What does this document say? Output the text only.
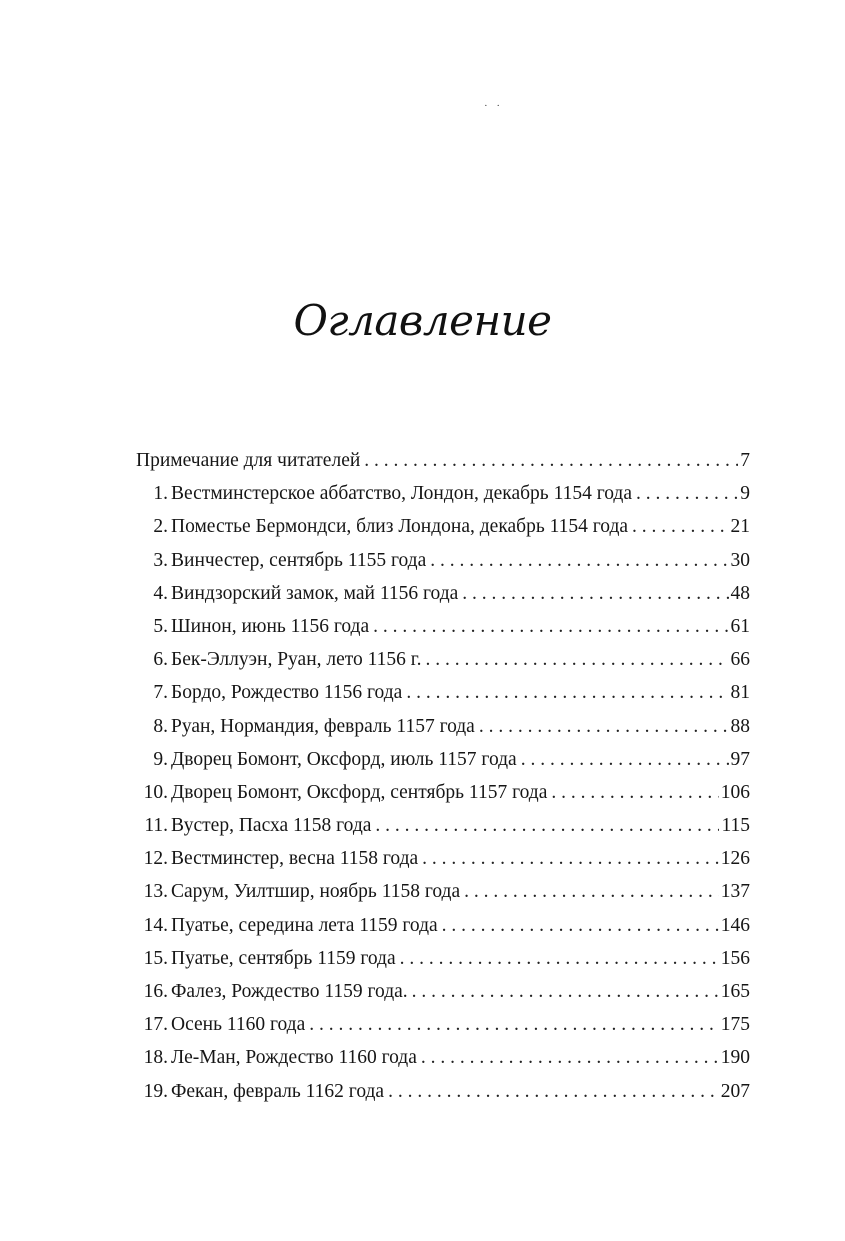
· ·
Оглавление
Примечание для читателей . . .	7
1. Вестминстерское аббатство, Лондон, декабрь 1154 года . . .	9
2. Поместье Бермондси, близ Лондона, декабрь 1154 года . . .	21
3. Винчестер, сентябрь 1155 года . . .	30
4. Виндзорский замок, май 1156 года . . .	48
5. Шинон, июнь 1156 года . . .	61
6. Бек-Эллуэн, Руан, лето 1156 г. . . .	66
7. Бордо, Рождество 1156 года . . .	81
8. Руан, Нормандия, февраль 1157 года . . .	88
9. Дворец Бомонт, Оксфорд, июль 1157 года . . .	97
10. Дворец Бомонт, Оксфорд, сентябрь 1157 года . . .	106
11. Вустер, Пасха 1158 года . . .	115
12. Вестминстер, весна 1158 года . . .	126
13. Сарум, Уилтшир, ноябрь 1158 года . . .	137
14. Пуатье, середина лета 1159 года . . .	146
15. Пуатье, сентябрь 1159 года . . .	156
16. Фалез, Рождество 1159 года. . . .	165
17. Осень 1160 года . . .	175
18. Ле-Ман, Рождество 1160 года . . .	190
19. Фекан, февраль 1162 года . . .	207
